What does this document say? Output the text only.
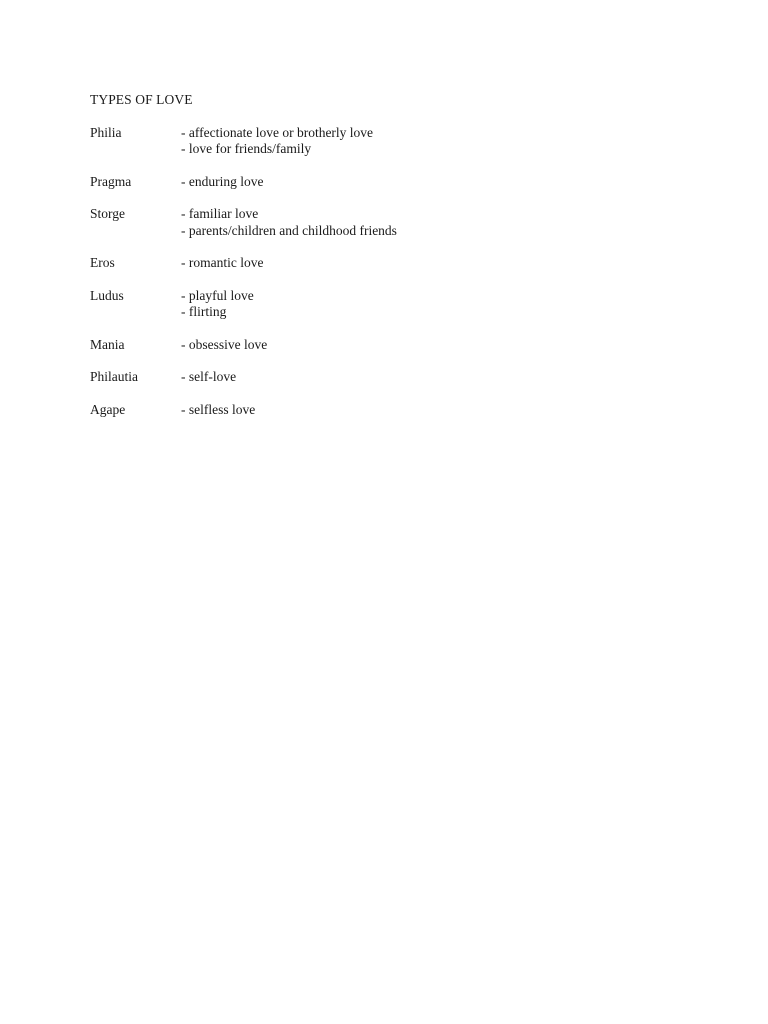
TYPES OF LOVE
Philia	- affectionate love or brotherly love
- love for friends/family
Pragma	- enduring love
Storge	- familiar love
- parents/children and childhood friends
Eros	- romantic love
Ludus	- playful love
- flirting
Mania	- obsessive love
Philautia	- self-love
Agape	- selfless love
